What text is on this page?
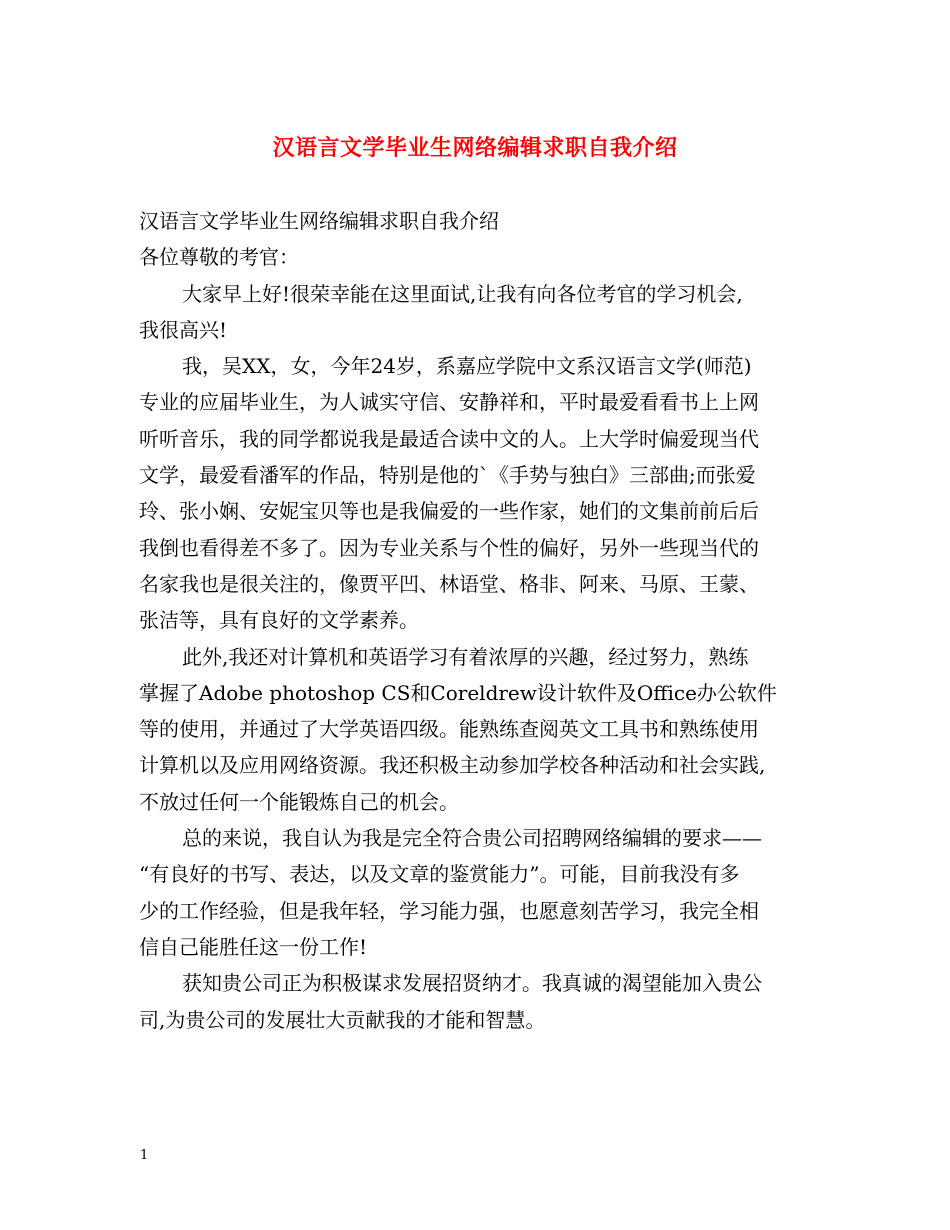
汉语言文学毕业生网络编辑求职自我介绍
汉语言文学毕业生网络编辑求职自我介绍
各位尊敬的考官：
大家早上好!很荣幸能在这里面试,让我有向各位考官的学习机会,
我很高兴!
我，吴XX，女，今年24岁，系嘉应学院中文系汉语言文学(师范)
专业的应届毕业生，为人诚实守信、安静祥和，平时最爱看看书上上网
听听音乐，我的同学都说我是最适合读中文的人。上大学时偏爱现当代
文学，最爱看潘军的作品，特别是他的`《手势与独白》三部曲;而张爱
玲、张小娴、安妮宝贝等也是我偏爱的一些作家，她们的文集前前后后
我倒也看得差不多了。因为专业关系与个性的偏好，另外一些现当代的
名家我也是很关注的，像贾平凹、林语堂、格非、阿来、马原、王蒙、
张洁等，具有良好的文学素养。
此外,我还对计算机和英语学习有着浓厚的兴趣，经过努力，熟练
掌握了Adobe photoshop CS和Coreldrew设计软件及Office办公软件
等的使用，并通过了大学英语四级。能熟练查阅英文工具书和熟练使用
计算机以及应用网络资源。我还积极主动参加学校各种活动和社会实践,
不放过任何一个能锻炼自己的机会。
总的来说，我自认为我是完全符合贵公司招聘网络编辑的要求——
“有良好的书写、表达，以及文章的鉴赏能力”。可能，目前我没有多
少的工作经验，但是我年轻，学习能力强，也愿意刻苦学习，我完全相
信自己能胜任这一份工作!
获知贵公司正为积极谋求发展招贤纳才。我真诚的渴望能加入贵公
司,为贵公司的发展壮大贡献我的才能和智慧。
1
